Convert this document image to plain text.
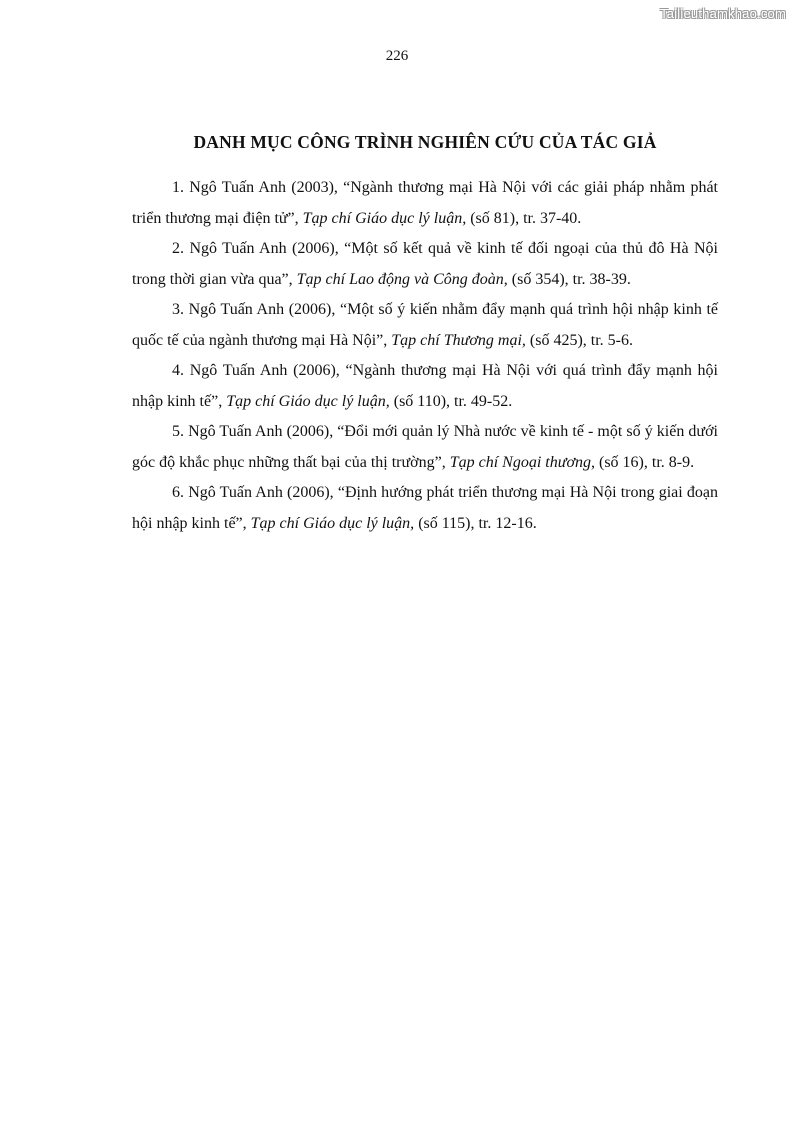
Tailieuthamkhao.com
226
DANH MỤC CÔNG TRÌNH NGHIÊN CỨU CỦA TÁC GIẢ
1. Ngô Tuấn Anh (2003), “Ngành thương mại Hà Nội với các giải pháp nhằm phát triển thương mại điện tử”, Tạp chí Giáo dục lý luận, (số 81), tr. 37-40.
2. Ngô Tuấn Anh (2006), “Một số kết quả về kinh tế đối ngoại của thủ đô Hà Nội trong thời gian vừa qua”, Tạp chí Lao động và Công đoàn, (số 354), tr. 38-39.
3. Ngô Tuấn Anh (2006), “Một số ý kiến nhằm đẩy mạnh quá trình hội nhập kinh tế quốc tế của ngành thương mại Hà Nội”, Tạp chí Thương mại, (số 425), tr. 5-6.
4. Ngô Tuấn Anh (2006), “Ngành thương mại Hà Nội với quá trình đẩy mạnh hội nhập kinh tế”, Tạp chí Giáo dục lý luận, (số 110), tr. 49-52.
5. Ngô Tuấn Anh (2006), “Đổi mới quản lý Nhà nước về kinh tế - một số ý kiến dưới góc độ khắc phục những thất bại của thị trường”, Tạp chí Ngoại thương, (số 16), tr. 8-9.
6. Ngô Tuấn Anh (2006), “Định hướng phát triển thương mại Hà Nội trong giai đoạn hội nhập kinh tế”, Tạp chí Giáo dục lý luận, (số 115), tr. 12-16.
